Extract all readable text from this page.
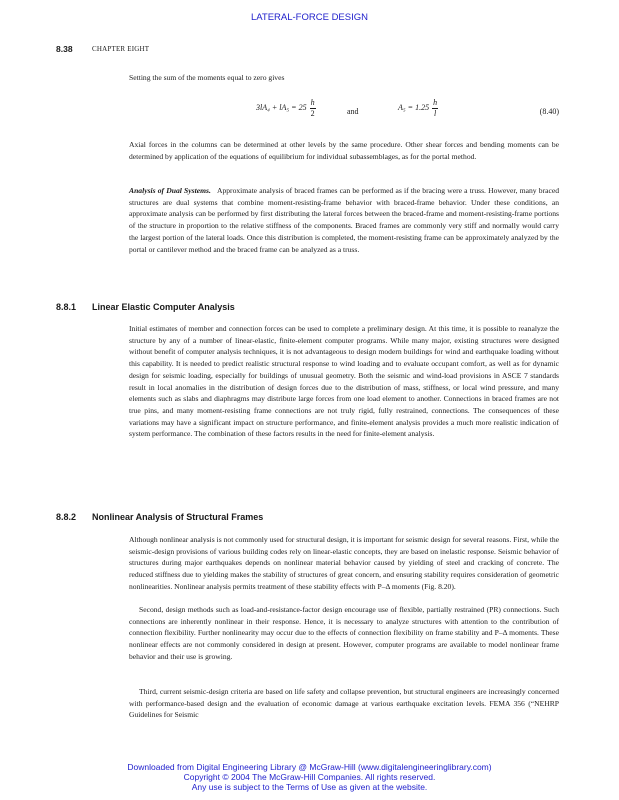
LATERAL-FORCE DESIGN
8.38	CHAPTER EIGHT

Setting the sum of the moments equal to zero gives

$3lA_4 + lA_5 = 25 \frac{h}{2}$	and	$A_5 = 1.25 \frac{h}{l}$	(8.40)

Axial forces in the columns can be determined at other levels by the same procedure. Other shear forces and bending moments can be determined by application of the equations of equilibrium for individual subassemblages, as for the portal method.

Analysis of Dual Systems. Approximate analysis of braced frames can be performed as if the bracing were a truss. However, many braced structures are dual systems that combine moment-resisting-frame behavior with braced-frame behavior. Under these conditions, an approximate analysis can be performed by first distributing the lateral forces between the braced-frame and moment-resisting-frame portions of the structure in proportion to the relative stiffness of the components. Braced frames are commonly very stiff and normally would carry the largest portion of the lateral loads. Once this distribution is completed, the moment-resisting frame can be approximately analyzed by the portal or cantilever method and the braced frame can be analyzed as a truss.

8.8.1 Linear Elastic Computer Analysis

Initial estimates of member and connection forces can be used to complete a preliminary design. At this time, it is possible to reanalyze the structure by any of a number of linear-elastic, finite-element computer programs. While many major, existing structures were designed without benefit of computer analysis techniques, it is not advantageous to design modern buildings for wind and earthquake loading without this capability. It is needed to predict realistic structural response to wind loading and to evaluate occupant comfort, as well as for dynamic design for seismic loading, especially for buildings of unusual geometry. Both the seismic and wind-load provisions in ASCE 7 standards result in local anomalies in the distribution of design forces due to the distribution of mass, stiffness, or local wind pressure, and many elements such as slabs and diaphragms may distribute large forces from one load element to another. Connections in braced frames are not true pins, and many moment-resisting frame connections are not truly rigid, fully restrained, connections. The consequences of these variations may have a significant impact on structure performance, and finite-element analysis provides a much more realistic indication of system performance. The combination of these factors results in the need for finite-element analysis.

8.8.2 Nonlinear Analysis of Structural Frames

Although nonlinear analysis is not commonly used for structural design, it is important for seismic design for several reasons. First, while the seismic-design provisions of various building codes rely on linear-elastic concepts, they are based on inelastic response. Seismic behavior of structures during major earthquakes depends on nonlinear material behavior caused by yielding of steel and cracking of concrete. The reduced stiffness due to yielding makes the stability of structures of great concern, and ensuring stability requires consideration of geometric nonlinearities. Nonlinear analysis permits treatment of these stability effects with P–Δ moments (Fig. 8.20).

Second, design methods such as load-and-resistance-factor design encourage use of flexible, partially restrained (PR) connections. Such connections are inherently nonlinear in their response. Hence, it is necessary to analyze structures with attention to the contribution of connection flexibility. Further nonlinearity may occur due to the effects of connection flexibility on frame stability and P–Δ moments. These nonlinear effects are not commonly considered in design at present. However, computer programs are available to model nonlinear frame behavior and their use is growing.

Third, current seismic-design criteria are based on life safety and collapse prevention, but structural engineers are increasingly concerned with performance-based design and the evaluation of economic damage at various earthquake excitation levels. FEMA 356 (“NEHRP Guidelines for Seismic

Downloaded from Digital Engineering Library @ McGraw-Hill (www.digitalengineeringlibrary.com)
Copyright © 2004 The McGraw-Hill Companies. All rights reserved.
Any use is subject to the Terms of Use as given at the website.
